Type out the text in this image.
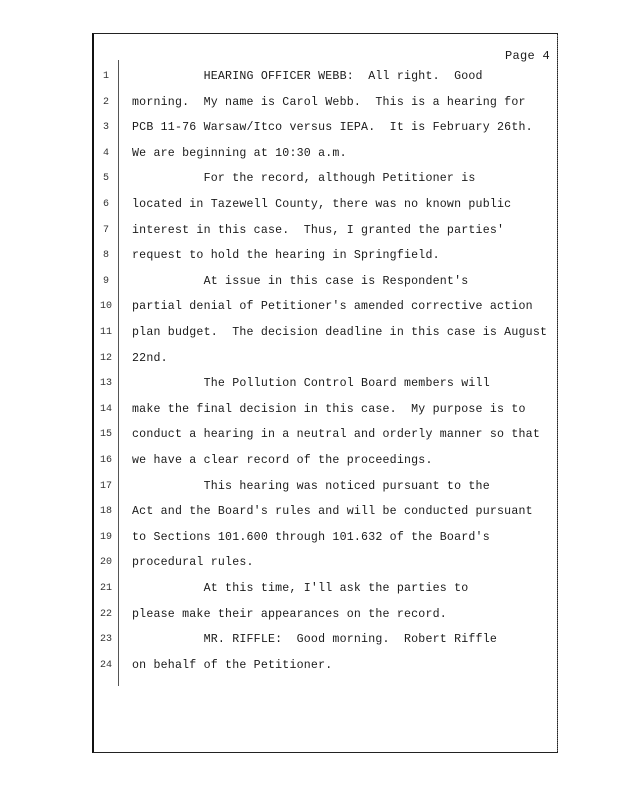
Page 4
1	HEARING OFFICER WEBB:  All right.  Good
2	morning.  My name is Carol Webb.  This is a hearing for
3	PCB 11-76 Warsaw/Itco versus IEPA.  It is February 26th.
4	We are beginning at 10:30 a.m.
5	For the record, although Petitioner is
6	located in Tazewell County, there was no known public
7	interest in this case.  Thus, I granted the parties'
8	request to hold the hearing in Springfield.
9	At issue in this case is Respondent's
10	partial denial of Petitioner's amended corrective action
11	plan budget.  The decision deadline in this case is August
12	22nd.
13	The Pollution Control Board members will
14	make the final decision in this case.  My purpose is to
15	conduct a hearing in a neutral and orderly manner so that
16	we have a clear record of the proceedings.
17	This hearing was noticed pursuant to the
18	Act and the Board's rules and will be conducted pursuant
19	to Sections 101.600 through 101.632 of the Board's
20	procedural rules.
21	At this time, I'll ask the parties to
22	please make their appearances on the record.
23	MR. RIFFLE:  Good morning.  Robert Riffle
24	on behalf of the Petitioner.
